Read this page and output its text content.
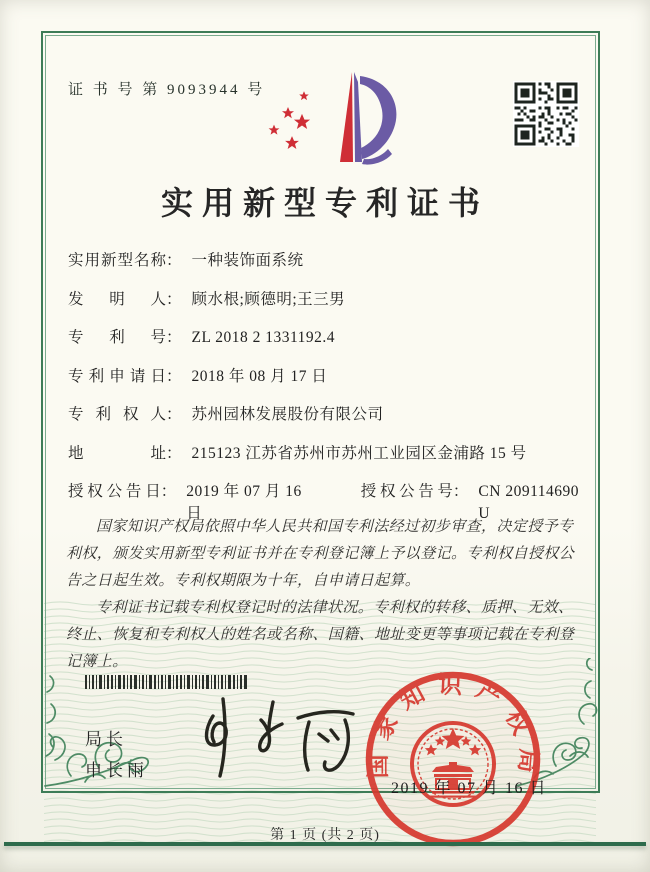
证 书 号 第 9093944 号
实用新型专利证书
实用新型名称 ： 一种装饰面系统
发明人 ： 顾水根;顾德明;王三男
专利号 ： ZL 2018 2 1331192.4
专利申请日 ： 2018 年 08 月 17 日
专利权人 ： 苏州园林发展股份有限公司
地址 ： 215123 江苏省苏州市苏州工业园区金浦路 15 号
授权公告日 ： 2019 年 07 月 16 日
授权公告号 ： CN 209114690 U

国家知识产权局依照中华人民共和国专利法经过初步审查，决定授予专利权，颁发实用新型专利证书并在专利登记簿上予以登记。专利权自授权公告之日起生效。专利权期限为十年，自申请日起算。

专利证书记载专利权登记时的法律状况。专利权的转移、质押、无效、终止、恢复和专利权人的姓名或名称、国籍、地址变更等事项记载在专利登记簿上。

局长
申长雨	国家知识产权局
2019 年 07 月 16 日
第 1 页 (共 2 页)
